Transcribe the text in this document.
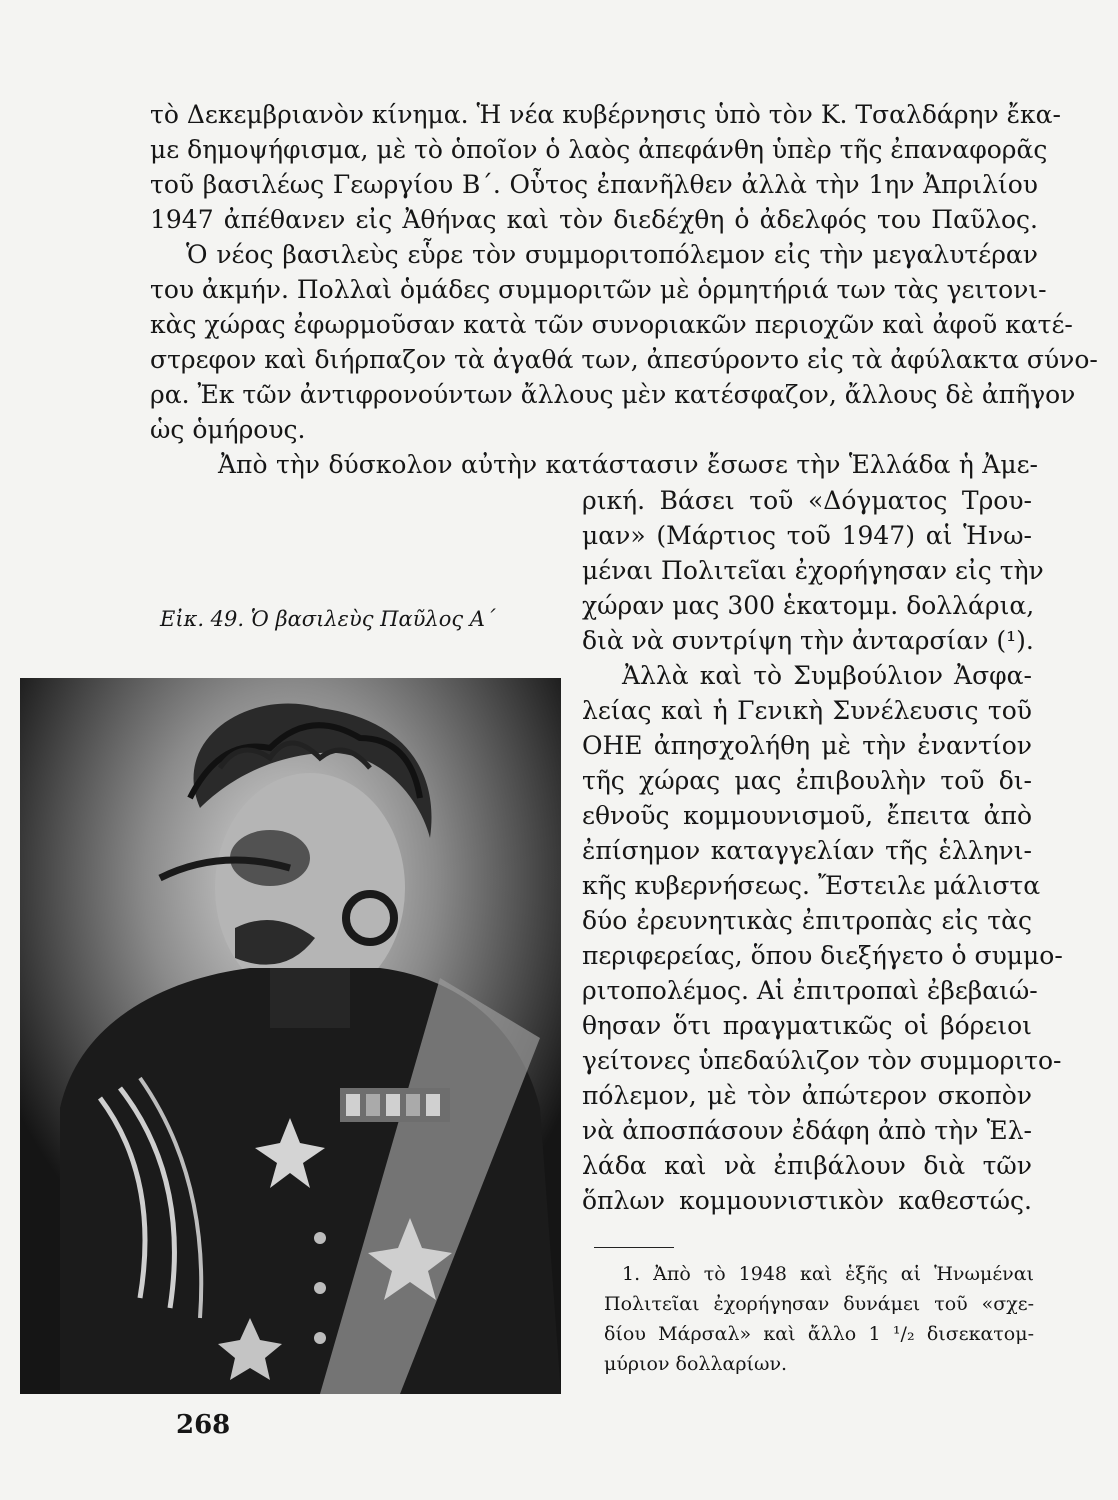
τὸ Δεκεμβριανὸν κίνημα. Ἡ νέα κυβέρνησις ὑπὸ τὸν Κ. Τσαλδάρην ἔκα-
με δημοψήφισμα, μὲ τὸ ὁποῖον ὁ λαὸς ἀπεφάνθη ὑπὲρ τῆς ἐπαναφορᾶς
τοῦ βασιλέως Γεωργίου Β΄. Οὗτος ἐπανῆλθεν ἀλλὰ τὴν 1ην Ἀπριλίου
1947 ἀπέθανεν εἰς Ἀθήνας καὶ τὸν διεδέχθη ὁ ἀδελφός του Παῦλος.
Ὁ νέος βασιλεὺς εὗρε τὸν συμμοριτοπόλεμον εἰς τὴν μεγαλυτέραν
του ἀκμήν. Πολλαὶ ὁμάδες συμμοριτῶν μὲ ὁρμητήριά των τὰς γειτονι-
κὰς χώρας ἐφωρμοῦσαν κατὰ τῶν συνοριακῶν περιοχῶν καὶ ἀφοῦ κατέ-
στρεφον καὶ διήρπαζον τὰ ἀγαθά των, ἀπεσύροντο εἰς τὰ ἀφύλακτα σύνο-
ρα. Ἐκ τῶν ἀντιφρονούντων ἄλλους μὲν κατέσφαζον, ἄλλους δὲ ἀπῆγον
ὡς ὁμήρους.
Ἀπὸ τὴν δύσκολον αὐτὴν κατάστασιν ἔσωσε τὴν Ἑλλάδα ἡ Ἀμε-
ρική. Βάσει τοῦ «Δόγματος Τρου-
μαν» (Μάρτιος τοῦ 1947) αἱ Ἡνω-
μέναι Πολιτεῖαι ἐχορήγησαν εἰς τὴν
χώραν μας 300 ἑκατομμ. δολλάρια,
διὰ νὰ συντρίψη τὴν ἀνταρσίαν (¹).
Ἀλλὰ καὶ τὸ Συμβούλιον Ἀσφα-
λείας καὶ ἡ Γενικὴ Συνέλευσις τοῦ
ΟΗΕ ἀπησχολήθη μὲ τὴν ἐναντίον
τῆς χώρας μας ἐπιβουλὴν τοῦ δι-
εθνοῦς κομμουνισμοῦ, ἔπειτα ἀπὸ
ἐπίσημον καταγγελίαν τῆς ἑλληνι-
κῆς κυβερνήσεως. Ἔστειλε μάλιστα
δύο ἐρευνητικὰς ἐπιτροπὰς εἰς τὰς
περιφερείας, ὅπου διεξήγετο ὁ συμμο-
ριτοπολέμος. Αἱ ἐπιτροπαὶ ἐβεβαιώ-
θησαν ὅτι πραγματικῶς οἱ βόρειοι
γείτονες ὑπεδαύλιζον τὸν συμμοριτο-
πόλεμον, μὲ τὸν ἀπώτερον σκοπὸν
νὰ ἀποσπάσουν ἐδάφη ἀπὸ τὴν Ἑλ-
λάδα καὶ νὰ ἐπιβάλουν διὰ τῶν
ὅπλων κομμουνιστικὸν καθεστώς.
Εἰκ. 49. Ὁ βασιλεὺς Παῦλος Α΄
1. Ἀπὸ τὸ 1948 καὶ ἑξῆς αἱ Ἡνωμέναι
Πολιτεῖαι ἐχορήγησαν δυνάμει τοῦ «σχε-
δίου Μάρσαλ» καὶ ἄλλο 1 ¹/₂ δισεκατομ-
μύριον δολλαρίων.
268
